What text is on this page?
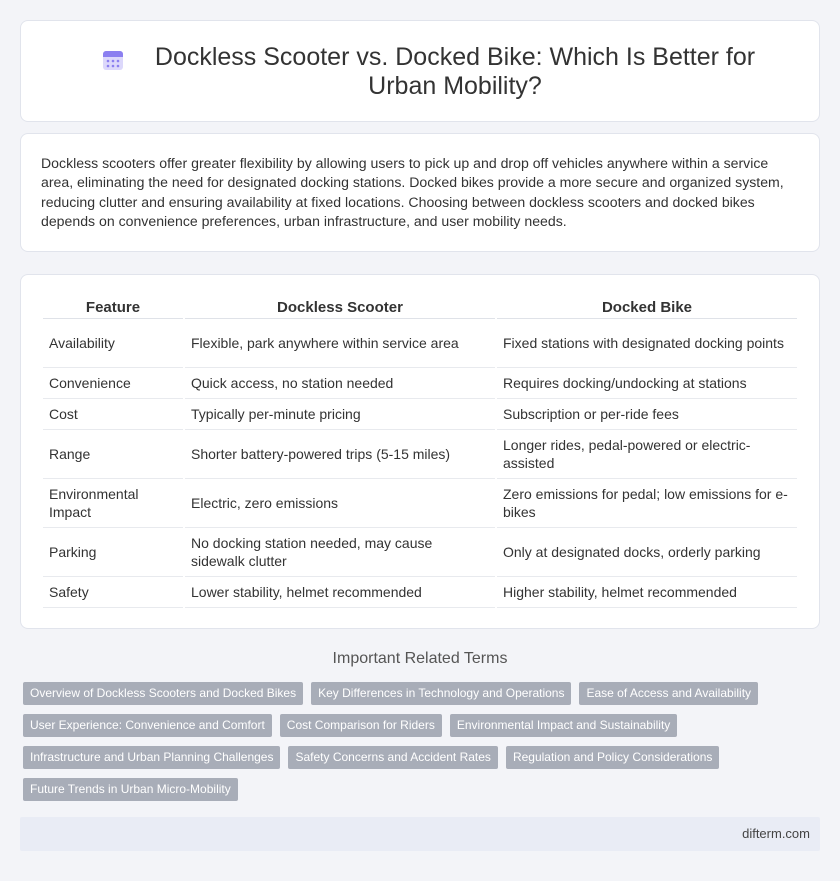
Dockless Scooter vs. Docked Bike: Which Is Better for Urban Mobility?

Dockless scooters offer greater flexibility by allowing users to pick up and drop off vehicles anywhere within a service area, eliminating the need for designated docking stations. Docked bikes provide a more secure and organized system, reducing clutter and ensuring availability at fixed locations. Choosing between dockless scooters and docked bikes depends on convenience preferences, urban infrastructure, and user mobility needs.

Feature	Dockless Scooter	Docked Bike
Availability	Flexible, park anywhere within service area	Fixed stations with designated docking points
Convenience	Quick access, no station needed	Requires docking/undocking at stations
Cost	Typically per-minute pricing	Subscription or per-ride fees
Range	Shorter battery-powered trips (5-15 miles)	Longer rides, pedal-powered or electric-assisted
Environmental Impact	Electric, zero emissions	Zero emissions for pedal; low emissions for e-bikes
Parking	No docking station needed, may cause sidewalk clutter	Only at designated docks, orderly parking
Safety	Lower stability, helmet recommended	Higher stability, helmet recommended
Important Related Terms
Overview of Dockless Scooters and Docked Bikes	Key Differences in Technology and Operations	Ease of Access and Availability
User Experience: Convenience and Comfort	Cost Comparison for Riders	Environmental Impact and Sustainability
Infrastructure and Urban Planning Challenges	Safety Concerns and Accident Rates	Regulation and Policy Considerations
Future Trends in Urban Micro-Mobility
difterm.com
